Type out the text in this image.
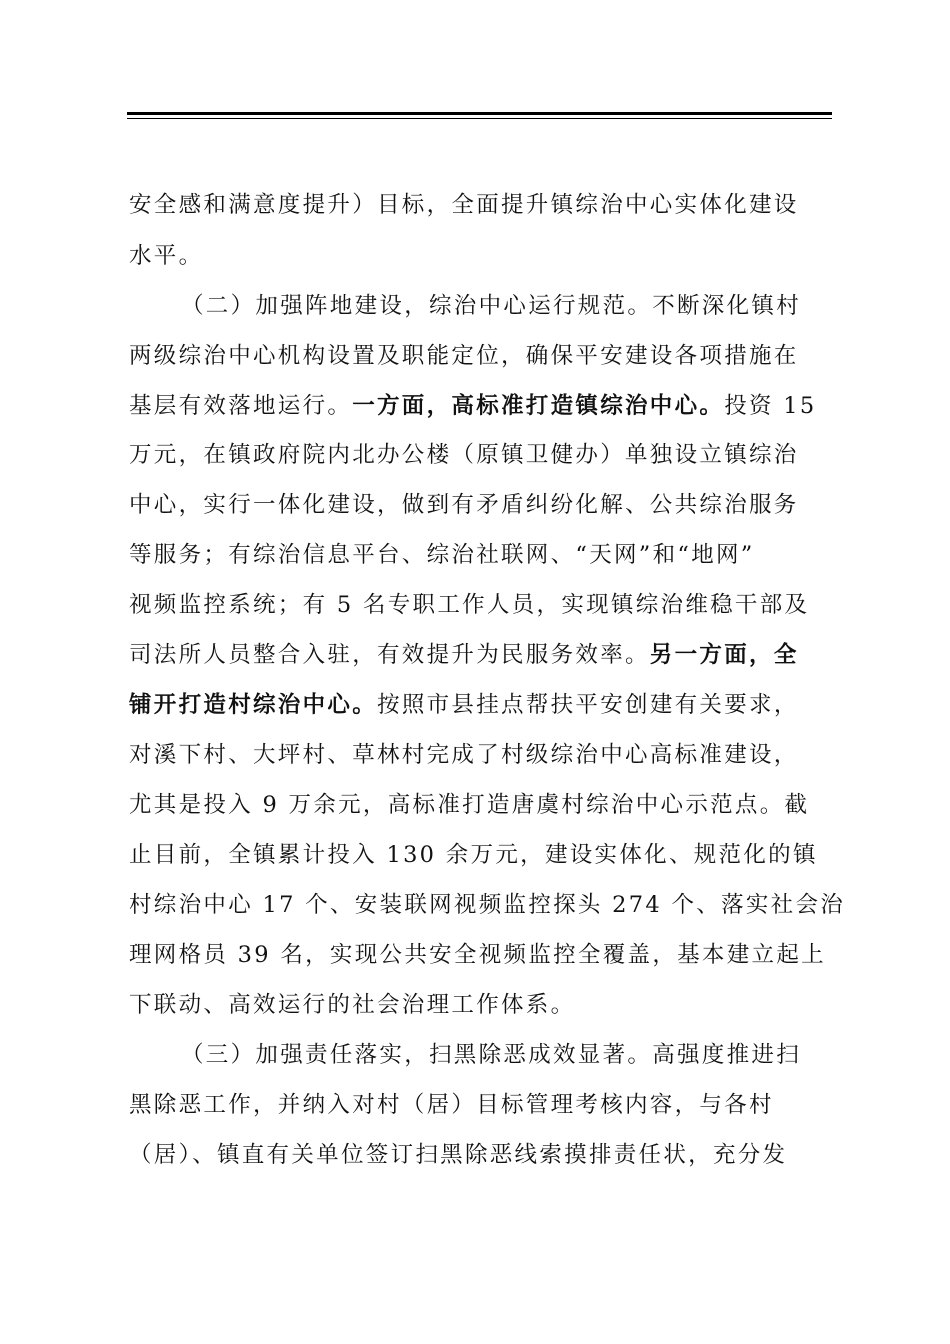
安全感和满意度提升）目标，全面提升镇综治中心实体化建设
水平。
（二）加强阵地建设，综治中心运行规范。不断深化镇村
两级综治中心机构设置及职能定位，确保平安建设各项措施在
基层有效落地运行。一方面，高标准打造镇综治中心。投资 15
万元，在镇政府院内北办公楼（原镇卫健办）单独设立镇综治
中心，实行一体化建设，做到有矛盾纠纷化解、公共综治服务
等服务；有综治信息平台、综治社联网、“天网”和“地网”
视频监控系统；有 5 名专职工作人员，实现镇综治维稳干部及
司法所人员整合入驻，有效提升为民服务效率。另一方面，全
铺开打造村综治中心。按照市县挂点帮扶平安创建有关要求，
对溪下村、大坪村、草林村完成了村级综治中心高标准建设，
尤其是投入 9 万余元，高标准打造唐虞村综治中心示范点。截
止目前，全镇累计投入 130 余万元，建设实体化、规范化的镇
村综治中心 17 个、安装联网视频监控探头 274 个、落实社会治
理网格员 39 名，实现公共安全视频监控全覆盖，基本建立起上
下联动、高效运行的社会治理工作体系。
（三）加强责任落实，扫黑除恶成效显著。高强度推进扫
黑除恶工作，并纳入对村（居）目标管理考核内容，与各村
（居）、镇直有关单位签订扫黑除恶线索摸排责任状，充分发
